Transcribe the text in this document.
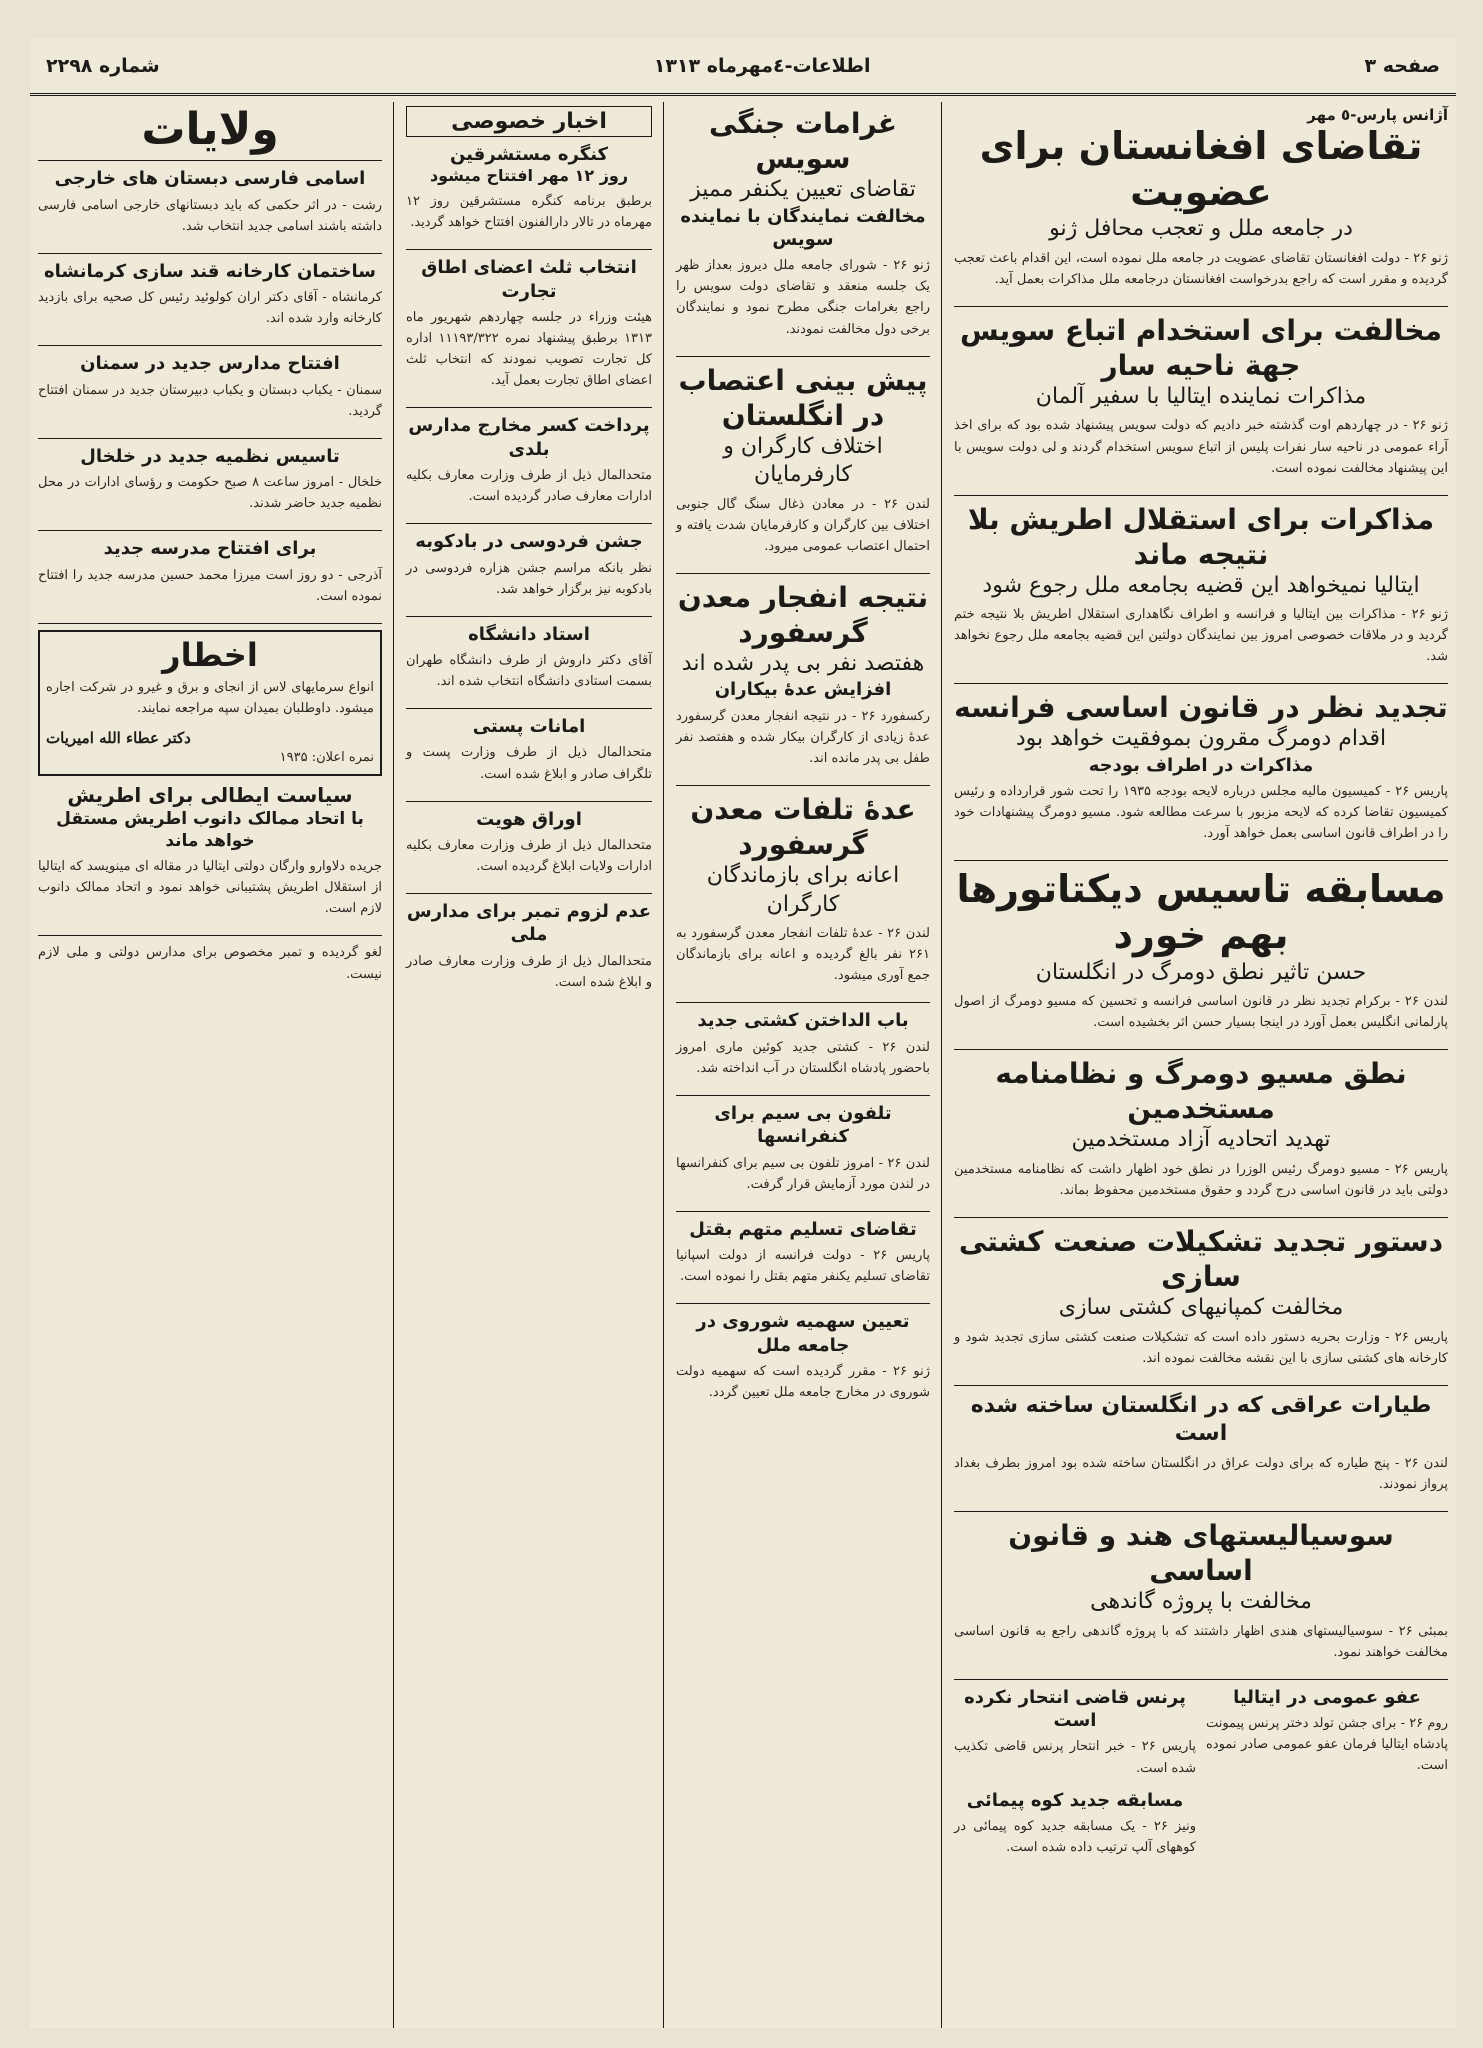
صفحه ۳
اطلاعات-٤مهرماه ۱۳۱۳
شماره ۲۲۹۸
آژانس پارس-٥ مهر
تقاضای افغانستان برای عضویت
در جامعه ملل و تعجب محافل ژنو

ژنو ۲۶ - دولت افغانستان تقاضای عضویت در جامعه ملل نموده است، این اقدام باعث تعجب گردیده و مقرر است که راجع بدرخواست افغانستان درجامعه ملل مذاکرات بعمل آید.

مخالفت برای استخدام اتباع سویس جهة ناحیه سار
مذاکرات نماینده ایتالیا با سفیر آلمان

ژنو ۲۶ - در چهاردهم اوت گذشته خبر دادیم که دولت سویس پیشنهاد شده بود که برای اخذ آراء عمومی در ناحیه سار نفرات پلیس از اتباع سویس استخدام گردند و لی دولت سویس با این پیشنهاد مخالفت نموده است.

مذاکرات برای استقلال اطریش بلا نتیجه ماند
ایتالیا نمیخواهد این قضیه بجامعه ملل رجوع شود

ژنو ۲۶ - مذاکرات بین ایتالیا و فرانسه و اطراف نگاهداری استقلال اطریش بلا نتیجه ختم گردید و در ملاقات خصوصی امروز بین نمایندگان دولتین این قضیه بجامعه ملل رجوع نخواهد شد.

تجدید نظر در قانون اساسی فرانسه
اقدام دومرگ مقرون بموفقیت خواهد بود
مذاکرات در اطراف بودجه

پاریس ۲۶ - کمیسیون مالیه مجلس درباره لایحه بودجه ۱۹۳۵ را تحت شور قرارداده و رئیس کمیسیون تقاضا کرده که لایحه مزبور با سرعت مطالعه شود. مسیو دومرگ پیشنهادات خود را در اطراف قانون اساسی بعمل خواهد آورد.

مسابقه تاسیس دیکتاتورها بهم خورد
حسن تاثیر نطق دومرگ در انگلستان

لندن ۲۶ - برکرام تجدید نظر در قانون اساسی فرانسه و تحسین که مسیو دومرگ از اصول پارلمانی انگلیس بعمل آورد در اینجا بسیار حسن اثر بخشیده است.

نطق مسیو دومرگ و نظامنامه مستخدمین
تهدید اتحادیه آزاد مستخدمین

پاریس ۲۶ - مسیو دومرگ رئیس الوزرا در نطق خود اظهار داشت که نظامنامه مستخدمین دولتی باید در قانون اساسی درج گردد و حقوق مستخدمین محفوظ بماند.

دستور تجدید تشکیلات صنعت کشتی سازی
مخالفت کمپانیهای کشتی سازی

پاریس ۲۶ - وزارت بحریه دستور داده است که تشکیلات صنعت کشتی سازی تجدید شود و کارخانه های کشتی سازی با این نقشه مخالفت نموده اند.

طیارات عراقی که در انگلستان ساخته شده است

لندن ۲۶ - پنج طیاره که برای دولت عراق در انگلستان ساخته شده بود امروز بطرف بغداد پرواز نمودند.

سوسیالیستهای هند و قانون اساسی
مخالفت با پروژه گاندهی

بمبئی ۲۶ - سوسیالیستهای هندی اظهار داشتند که با پروژه گاندهی راجع به قانون اساسی مخالفت خواهند نمود.

عفو عمومی در ایتالیا

روم ۲۶ - برای جشن تولد دختر پرنس پیمونت پادشاه ایتالیا فرمان عفو عمومی صادر نموده است.

پرنس قاضی انتحار نکرده است

پاریس ۲۶ - خبر انتحار پرنس قاضی تکذیب شده است.

مسابقه جدید کوه پیمائی

ونیز ۲۶ - یک مسابقه جدید کوه پیمائی در کوههای آلپ ترتیب داده شده است.

غرامات جنگی سویس
تقاضای تعیین یکنفر ممیز
مخالفت نمایندگان با نماینده سویس

ژنو ۲۶ - شورای جامعه ملل دیروز بعداز ظهر یک جلسه منعقد و تقاضای دولت سویس را راجع بغرامات جنگی مطرح نمود و نمایندگان برخی دول مخالفت نمودند.

پیش بینی اعتصاب در انگلستان
اختلاف کارگران و کارفرمایان

لندن ۲۶ - در معادن ذغال سنگ گال جنوبی اختلاف بین کارگران و کارفرمایان شدت یافته و احتمال اعتصاب عمومی میرود.

نتیجه انفجار معدن گرسفورد
هفتصد نفر بی پدر شده اند
افزایش عدۀ بیکاران

رکسفورد ۲۶ - در نتیجه انفجار معدن گرسفورد عدۀ زیادی از کارگران بیکار شده و هفتصد نفر طفل بی پدر مانده اند.

عدۀ تلفات معدن گرسفورد
اعانه برای بازماندگان کارگران

لندن ۲۶ - عدۀ تلفات انفجار معدن گرسفورد به ۲۶۱ نفر بالغ گردیده و اعانه برای بازماندگان جمع آوری میشود.

باب الداختن کشتی جدید

لندن ۲۶ - کشتی جدید کوئین ماری امروز باحضور پادشاه انگلستان در آب انداخته شد.

تلفون بی سیم برای کنفرانسها

لندن ۲۶ - امروز تلفون بی سیم برای کنفرانسها در لندن مورد آزمایش قرار گرفت.

تقاضای تسلیم متهم بقتل

پاریس ۲۶ - دولت فرانسه از دولت اسپانیا تقاضای تسلیم یکنفر متهم بقتل را نموده است.

تعیین سهمیه شوروی در جامعه ملل

ژنو ۲۶ - مقرر گردیده است که سهمیه دولت شوروی در مخارج جامعه ملل تعیین گردد.

اخبار خصوصی
کنگره مستشرقین
روز ۱۲ مهر افتتاح میشود

برطبق برنامه کنگره مستشرقین روز ۱۲ مهرماه در تالار دارالفنون افتتاح خواهد گردید.

انتخاب ثلث اعضای اطاق تجارت

هیئت وزراء در جلسه چهاردهم شهریور ماه ۱۳۱۳ برطبق پیشنهاد نمره ۱۱۱۹۳/۳۲۲ اداره کل تجارت تصویب نمودند که انتخاب ثلث اعضای اطاق تجارت بعمل آید.

پرداخت کسر مخارج مدارس بلدی

متحدالمال ذیل از طرف وزارت معارف بکلیه ادارات معارف صادر گردیده است.

جشن فردوسی در بادکوبه

نظر بانکه مراسم جشن هزاره فردوسی در بادکوبه نیز برگزار خواهد شد.

استاد دانشگاه

آقای دکتر داروش از طرف دانشگاه طهران بسمت استادی دانشگاه انتخاب شده اند.

امانات پستی

متحدالمال ذیل از طرف وزارت پست و تلگراف صادر و ابلاغ شده است.

اوراق هویت

متحدالمال ذیل از طرف وزارت معارف بکلیه ادارات ولایات ابلاغ گردیده است.

عدم لزوم تمبر برای مدارس ملی

متحدالمال ذیل از طرف وزارت معارف صادر و ابلاغ شده است.

ولایات
اسامی فارسی دبستان های خارجی

رشت - در اثر حکمی که باید دبستانهای خارجی اسامی فارسی داشته باشند اسامی جدید انتخاب شد.

ساختمان کارخانه قند سازی کرمانشاه

کرمانشاه - آقای دکتر اران کولوئید رئیس کل صحیه برای بازدید کارخانه وارد شده اند.

افتتاح مدارس جدید در سمنان

سمنان - یکباب دبستان و یکباب دبیرستان جدید در سمنان افتتاح گردید.

تاسیس نظمیه جدید در خلخال

خلخال - امروز ساعت ۸ صبح حکومت و رؤسای ادارات در محل نظمیه جدید حاضر شدند.

برای افتتاح مدرسه جدید

آذرجی - دو روز است میرزا محمد حسین مدرسه جدید را افتتاح نموده است.

اخطار

انواع سرمایهای لاس از انجای و برق و غیرو در شرکت اجاره میشود. داوطلبان بمیدان سپه مراجعه نمایند.

دکتر عطاء الله امیریات
نمره اعلان: ۱۹۳۵
سیاست ایطالی برای اطریش
با اتحاد ممالک دانوب اطریش مستقل خواهد ماند

جریده دلاوارو وارگان دولتی ایتالیا در مقاله ای مینویسد که ایتالیا از استقلال اطریش پشتیبانی خواهد نمود و اتحاد ممالک دانوب لازم است.

لغو گردیده و تمبر مخصوص برای مدارس دولتی و ملی لازم نیست.
